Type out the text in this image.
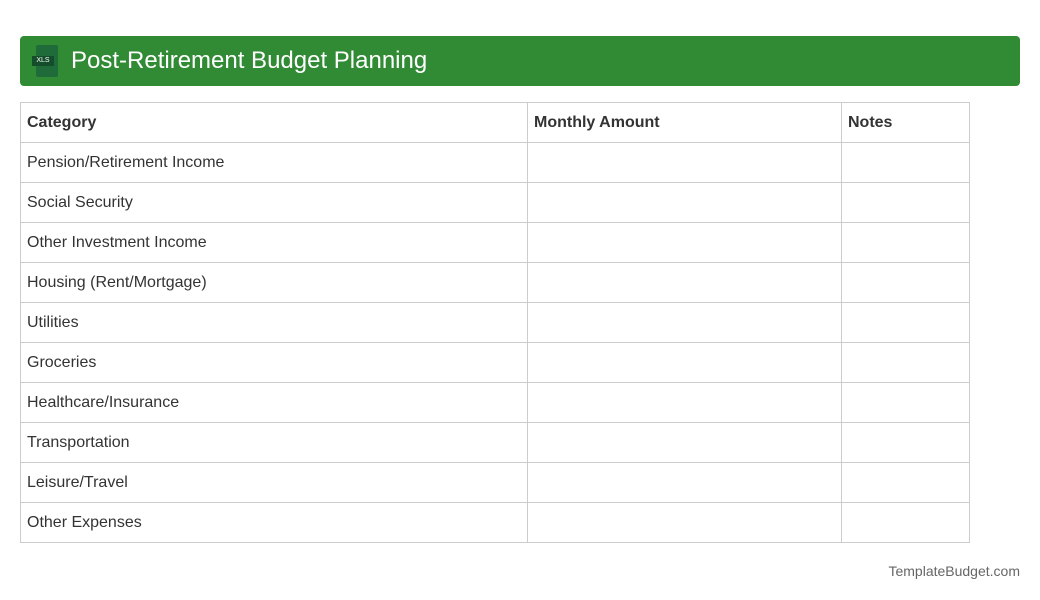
XLS Post-Retirement Budget Planning
Category	Monthly Amount	Notes
Pension/Retirement Income		
Social Security		
Other Investment Income		
Housing (Rent/Mortgage)		
Utilities		
Groceries		
Healthcare/Insurance		
Transportation		
Leisure/Travel		
Other Expenses		
TemplateBudget.com
